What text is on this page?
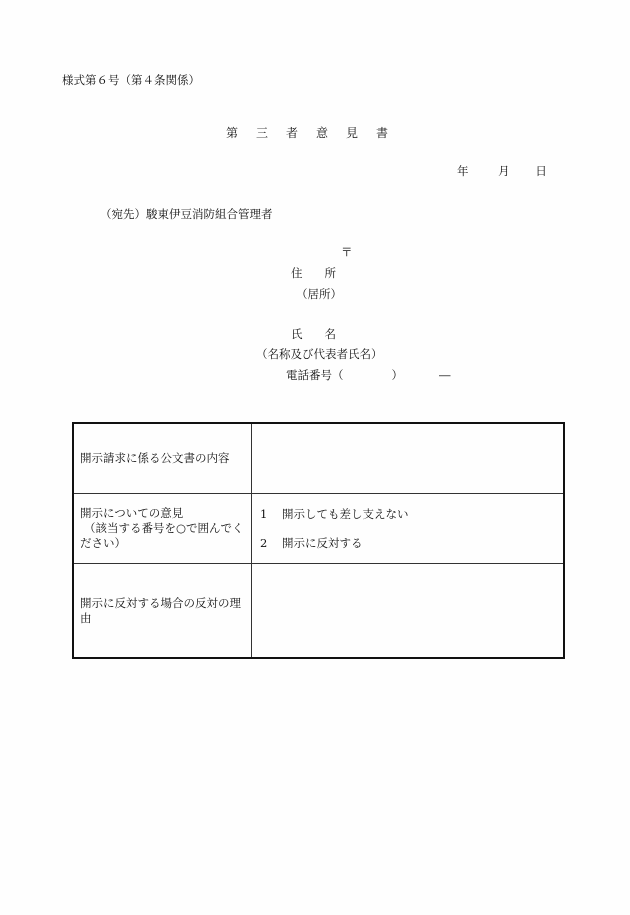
様式第６号（第４条関係）
第三者意見書
年	月 日
（宛先）駿東伊豆消防組合管理者
〒
住 所
（居所）
氏 名
（名称及び代表者氏名）
電話番号（	）	―
開示請求に係る公文書の内容	

開示についての意見
（該当する番号を○で囲んでく
ださい）	1 開示しても差し支えない
2 開示に反対する

開示に反対する場合の反対の理由	
